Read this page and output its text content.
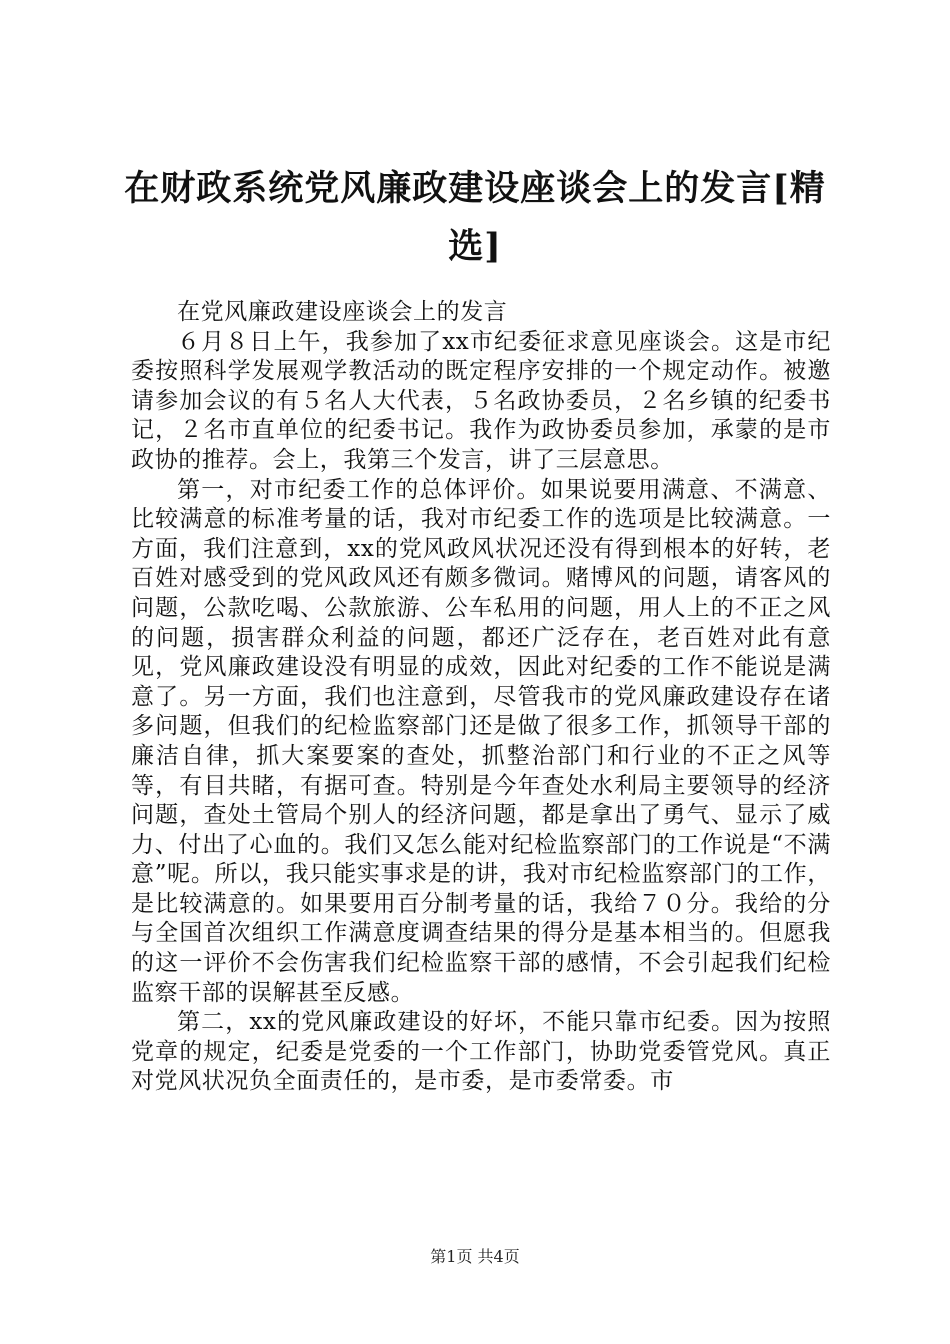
在财政系统党风廉政建设座谈会上的发言[精选]

在党风廉政建设座谈会上的发言

６月８日上午，我参加了xx市纪委征求意见座谈会。这是市纪委按照科学发展观学教活动的既定程序安排的一个规定动作。被邀请参加会议的有５名人大代表，５名政协委员，２名乡镇的纪委书记，２名市直单位的纪委书记。我作为政协委员参加，承蒙的是市政协的推荐。会上，我第三个发言，讲了三层意思。

第一，对市纪委工作的总体评价。如果说要用满意、不满意、比较满意的标准考量的话，我对市纪委工作的选项是比较满意。一方面，我们注意到，xx的党风政风状况还没有得到根本的好转，老百姓对感受到的党风政风还有颇多微词。赌博风的问题，请客风的问题，公款吃喝、公款旅游、公车私用的问题，用人上的不正之风的问题，损害群众利益的问题，都还广泛存在，老百姓对此有意见，党风廉政建设没有明显的成效，因此对纪委的工作不能说是满意了。另一方面，我们也注意到，尽管我市的党风廉政建设存在诸多问题，但我们的纪检监察部门还是做了很多工作，抓领导干部的廉洁自律，抓大案要案的查处，抓整治部门和行业的不正之风等等，有目共睹，有据可查。特别是今年查处水利局主要领导的经济问题，查处土管局个别人的经济问题，都是拿出了勇气、显示了威力、付出了心血的。我们又怎么能对纪检监察部门的工作说是“不满意”呢。所以，我只能实事求是的讲，我对市纪检监察部门的工作，是比较满意的。如果要用百分制考量的话，我给７０分。我给的分与全国首次组织工作满意度调查结果的得分是基本相当的。但愿我的这一评价不会伤害我们纪检监察干部的感情，不会引起我们纪检监察干部的误解甚至反感。

第二，xx的党风廉政建设的好坏，不能只靠市纪委。因为按照党章的规定，纪委是党委的一个工作部门，协助党委管党风。真正对党风状况负全面责任的，是市委，是市委常委。市

第1页 共4页
